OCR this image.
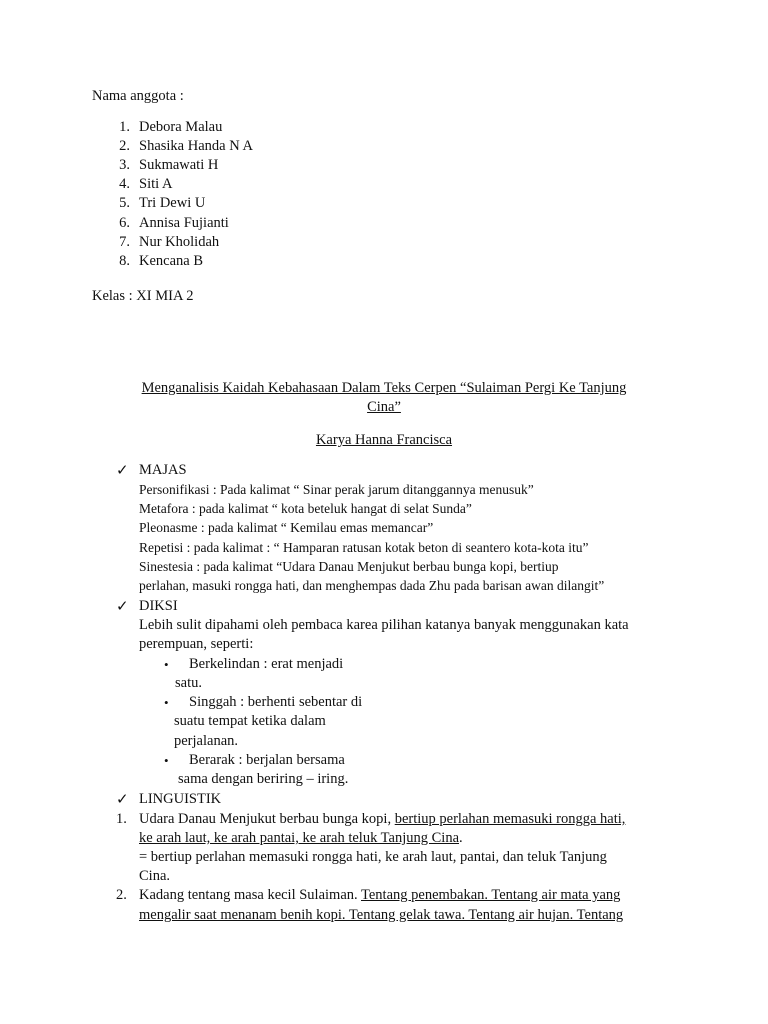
Nama anggota :
1. Debora Malau
2. Shasika Handa N A
3. Sukmawati H
4. Siti A
5. Tri Dewi U
6. Annisa Fujianti
7. Nur Kholidah
8. Kencana B
Kelas : XI MIA 2
Menganalisis Kaidah Kebahasaan Dalam Teks Cerpen “Sulaiman Pergi Ke Tanjung
Cina”
Karya Hanna Francisca
✓ MAJAS
Personifikasi : Pada kalimat “ Sinar perak jarum ditanggannya menusuk”
Metafora : pada kalimat “ kota beteluk hangat di selat Sunda”
Pleonasme : pada kalimat “ Kemilau emas memancar”
Repetisi : pada kalimat : “ Hamparan ratusan kotak beton di seantero kota-kota itu”
Sinestesia : pada kalimat “Udara Danau Menjukut berbau bunga kopi, bertiup
perlahan, masuki rongga hati, dan menghempas dada Zhu pada barisan awan dilangit”
✓ DIKSI
Lebih sulit dipahami oleh pembaca karea pilihan katanya banyak menggunakan kata
perempuan, seperti:
• Berkelindan : erat menjadi
satu.
• Singgah : berhenti sebentar di
suatu tempat ketika dalam
perjalanan.
• Berarak : berjalan bersama
sama dengan beriring – iring.
✓ LINGUISTIK
1. Udara Danau Menjukut berbau bunga kopi, bertiup perlahan memasuki rongga hati,
ke arah laut, ke arah pantai, ke arah teluk Tanjung Cina.
= bertiup perlahan memasuki rongga hati, ke arah laut, pantai, dan teluk Tanjung
Cina.
2. Kadang tentang masa kecil Sulaiman. Tentang penembakan. Tentang air mata yang
mengalir saat menanam benih kopi. Tentang gelak tawa. Tentang air hujan. Tentang
